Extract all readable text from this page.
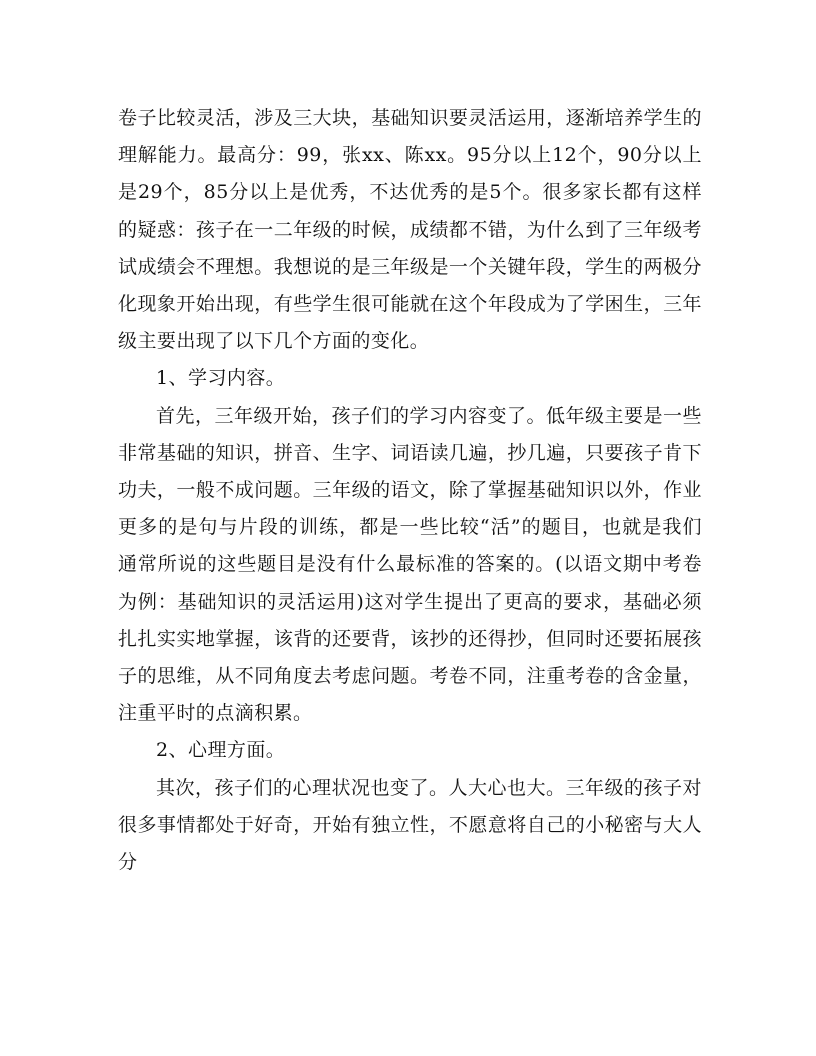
卷子比较灵活，涉及三大块，基础知识要灵活运用，逐渐培养学生的理解能力。最高分：99，张xx、陈xx。95分以上12个，90分以上是29个，85分以上是优秀，不达优秀的是5个。很多家长都有这样的疑惑：孩子在一二年级的时候，成绩都不错，为什么到了三年级考试成绩会不理想。我想说的是三年级是一个关键年段，学生的两极分化现象开始出现，有些学生很可能就在这个年段成为了学困生，三年级主要出现了以下几个方面的变化。

1、学习内容。

首先，三年级开始，孩子们的学习内容变了。低年级主要是一些非常基础的知识，拼音、生字、词语读几遍，抄几遍，只要孩子肯下功夫，一般不成问题。三年级的语文，除了掌握基础知识以外，作业更多的是句与片段的训练，都是一些比较“活”的题目，也就是我们通常所说的这些题目是没有什么最标准的答案的。(以语文期中考卷为例：基础知识的灵活运用)这对学生提出了更高的要求，基础必须扎扎实实地掌握，该背的还要背，该抄的还得抄，但同时还要拓展孩子的思维，从不同角度去考虑问题。考卷不同，注重考卷的含金量，注重平时的点滴积累。

2、心理方面。

其次，孩子们的心理状况也变了。人大心也大。三年级的孩子对很多事情都处于好奇，开始有独立性，不愿意将自己的小秘密与大人分
